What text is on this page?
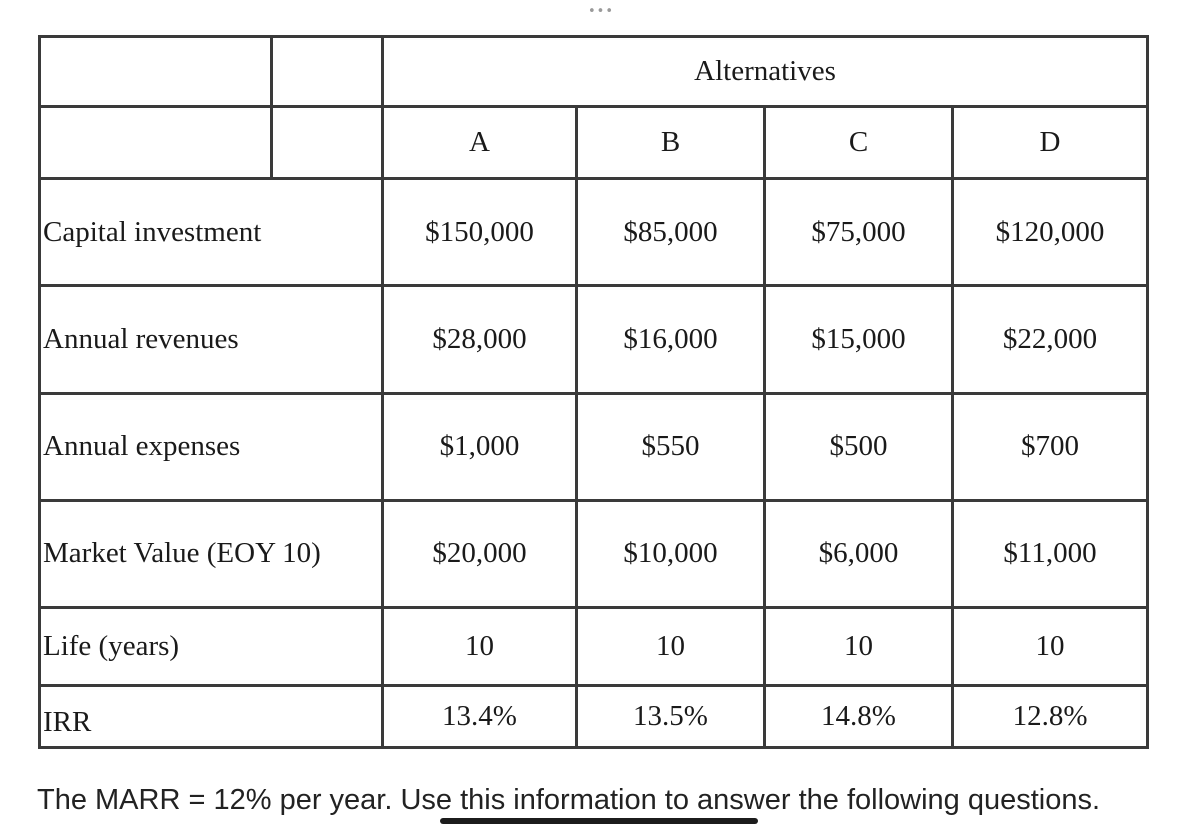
•••
		Alternatives			
		A	B	C	D
Capital investment		$150,000	$85,000	$75,000	$120,000
Annual revenues		$28,000	$16,000	$15,000	$22,000
Annual expenses		$1,000	$550	$500	$700
Market Value (EOY 10)		$20,000	$10,000	$6,000	$11,000
Life (years)		10	10	10	10
IRR		13.4%	13.5%	14.8%	12.8%
The MARR = 12% per year. Use this information to answer the following questions.
